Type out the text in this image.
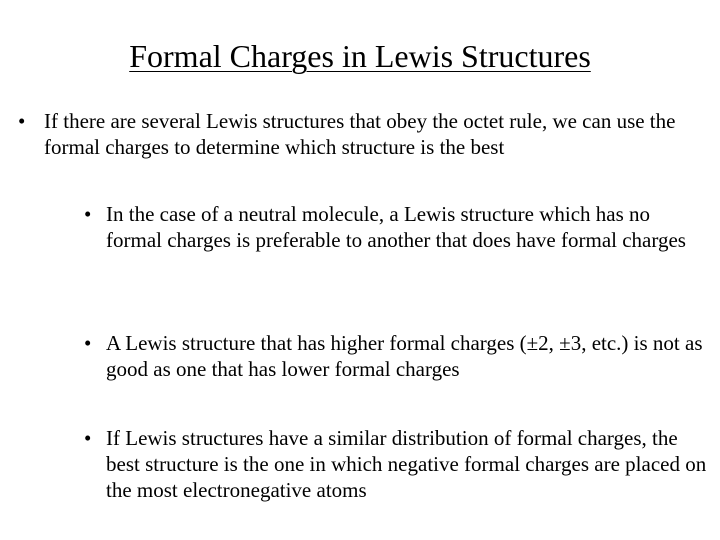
Formal Charges in Lewis Structures
• If there are several Lewis structures that obey the octet rule, we can use the formal charges to determine which structure is the best
• In the case of a neutral molecule, a Lewis structure which has no formal charges is preferable to another that does have formal charges
• A Lewis structure that has higher formal charges (±2, ±3, etc.) is not as good as one that has lower formal charges
• If Lewis structures have a similar distribution of formal charges, the best structure is the one in which negative formal charges are placed on the most electronegative atoms
